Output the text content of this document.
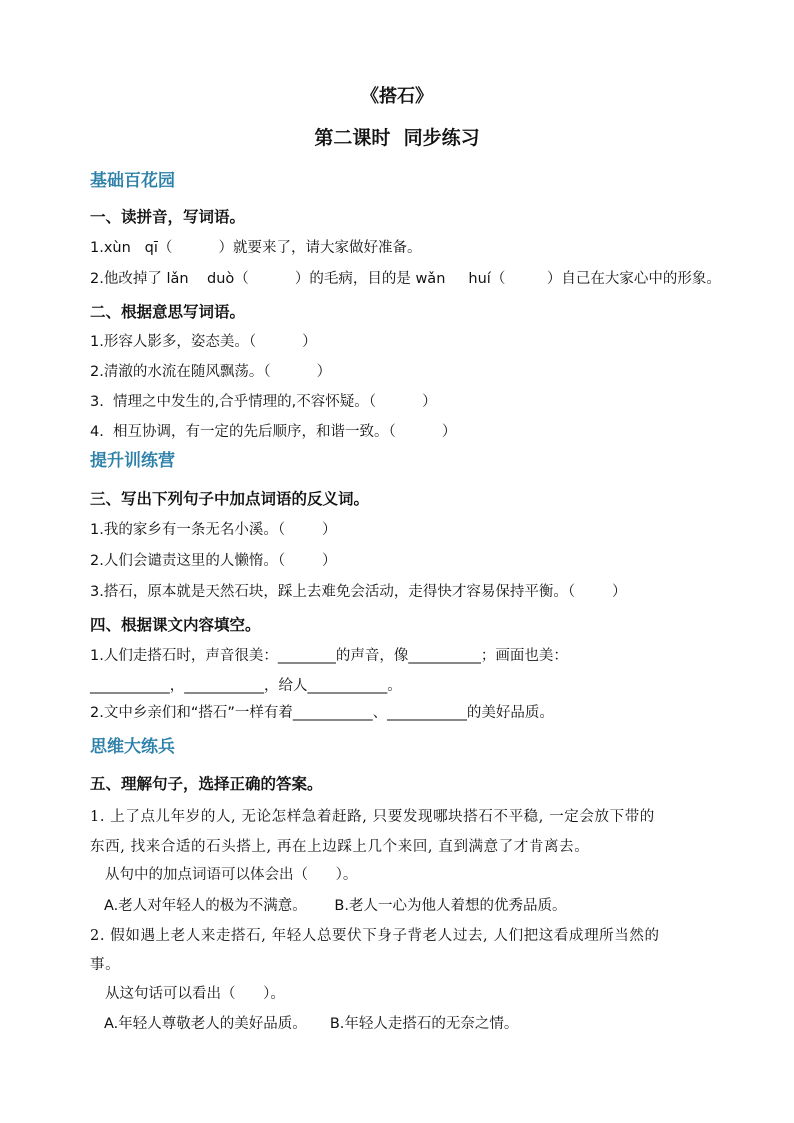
《搭石》
第二课时  同步练习
基础百花园
一、读拼音，写词语。
1.xùn   qī（          ）就要来了，请大家做好准备。
2.他改掉了 lǎn    duò（          ）的毛病，目的是 wǎn     huí（         ）自己在大家心中的形象。
二、根据意思写词语。
1.形容人影多，姿态美。（          ）
2.清澈的水流在随风飘荡。（          ）
3.  情理之中发生的,合乎情理的,不容怀疑。（          ）
4.  相互协调，有一定的先后顺序，和谐一致。（          ）
提升训练营
三、写出下列句子中加点词语的反义词。
1.我的家乡有一条无名小溪。（        ）
2.人们会谴责这里的人懒惰。（        ）
3.搭石，原本就是天然石块，踩上去难免会活动，走得快才容易保持平衡。（        ）
四、根据课文内容填空。
1.人们走搭石时，声音很美：________的声音，像__________；画面也美：
___________，___________，给人___________。
2.文中乡亲们和“搭石”一样有着___________、___________的美好品质。
思维大练兵
五、理解句子，选择正确的答案。
1. 上了点儿年岁的人, 无论怎样急着赶路, 只要发现哪块搭石不平稳, 一定会放下带的
东西, 找来合适的石头搭上, 再在上边踩上几个来回, 直到满意了才肯离去。
从句中的加点词语可以体会出（      ）。
A.老人对年轻人的极为不满意。      B.老人一心为他人着想的优秀品质。
2. 假如遇上老人来走搭石, 年轻人总要伏下身子背老人过去, 人们把这看成理所当然的
事。
从这句话可以看出（      ）。
A.年轻人尊敬老人的美好品质。     B.年轻人走搭石的无奈之情。
